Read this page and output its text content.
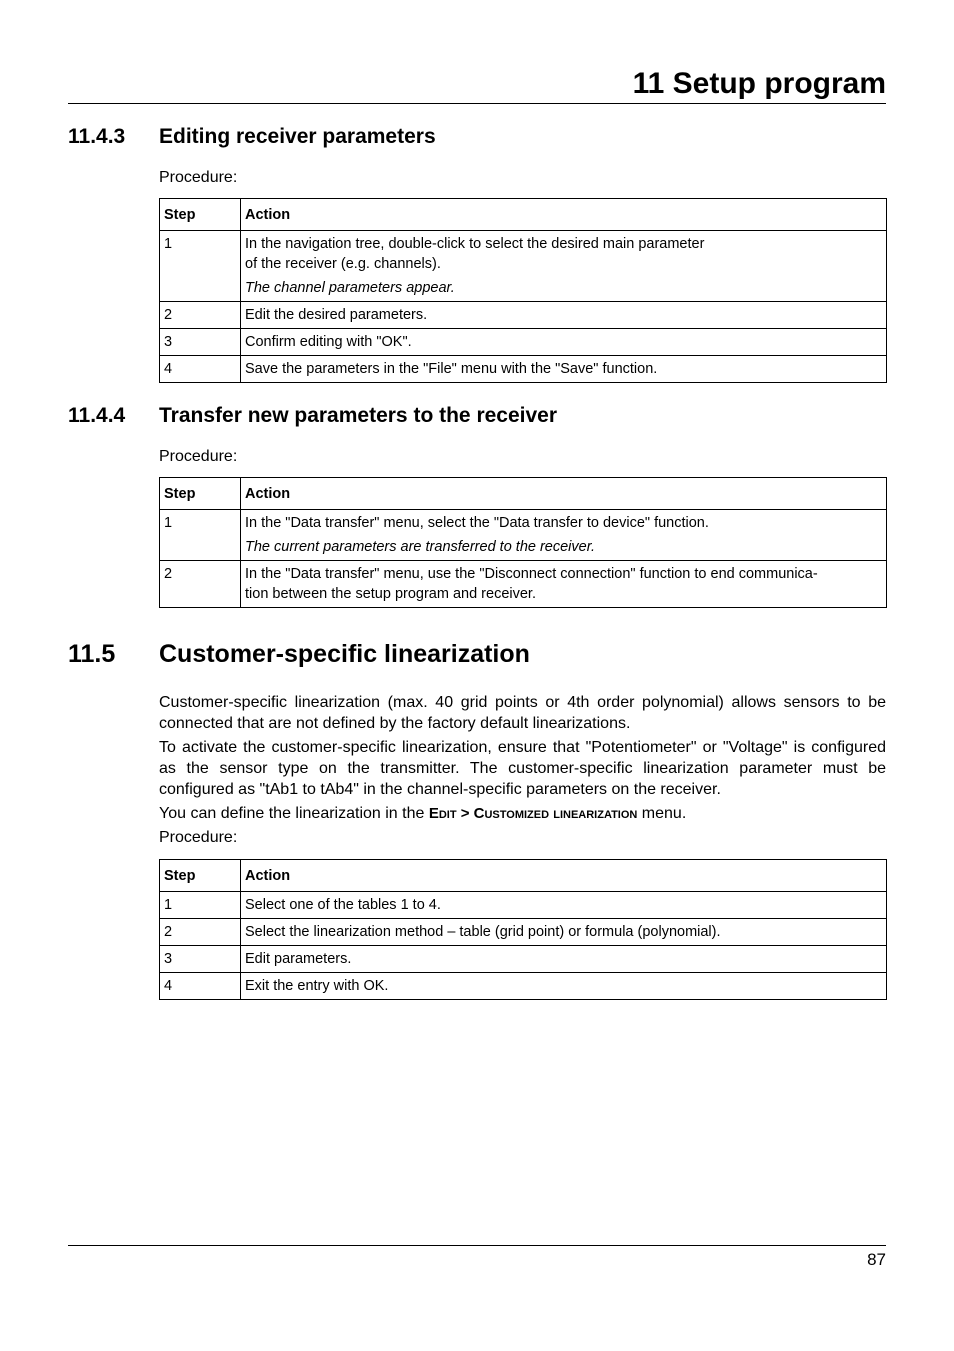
11 Setup program
11.4.3 Editing receiver parameters

Procedure:

Step	Action
1	In the navigation tree, double-click to select the desired main parameter
of the receiver (e.g. channels).
The channel parameters appear.

2	Edit the desired parameters.

3	Confirm editing with "OK".

4	Save the parameters in the "File" menu with the "Save" function.
11.4.4 Transfer new parameters to the receiver

Procedure:

Step	Action
1	In the "Data transfer" menu, select the "Data transfer to device" function.
The current parameters are transferred to the receiver.

2	In the "Data transfer" menu, use the "Disconnect connection" function to end communica-
tion between the setup program and receiver.
11.5 Customer-specific linearization

Customer-specific linearization (max. 40 grid points or 4th order polynomial) allows sensors to be connected that are not defined by the factory default linearizations.

To activate the customer-specific linearization, ensure that "Potentiometer" or "Voltage" is configured as the sensor type on the transmitter. The customer-specific linearization parameter must be configured as "tAb1 to tAb4" in the channel-specific parameters on the receiver.

You can define the linearization in the Edit > Customized linearization menu.

Procedure:

Step	Action
1	Select one of the tables 1 to 4.

2	Select the linearization method – table (grid point) or formula (polynomial).

3	Edit parameters.

4	Exit the entry with OK.

87
